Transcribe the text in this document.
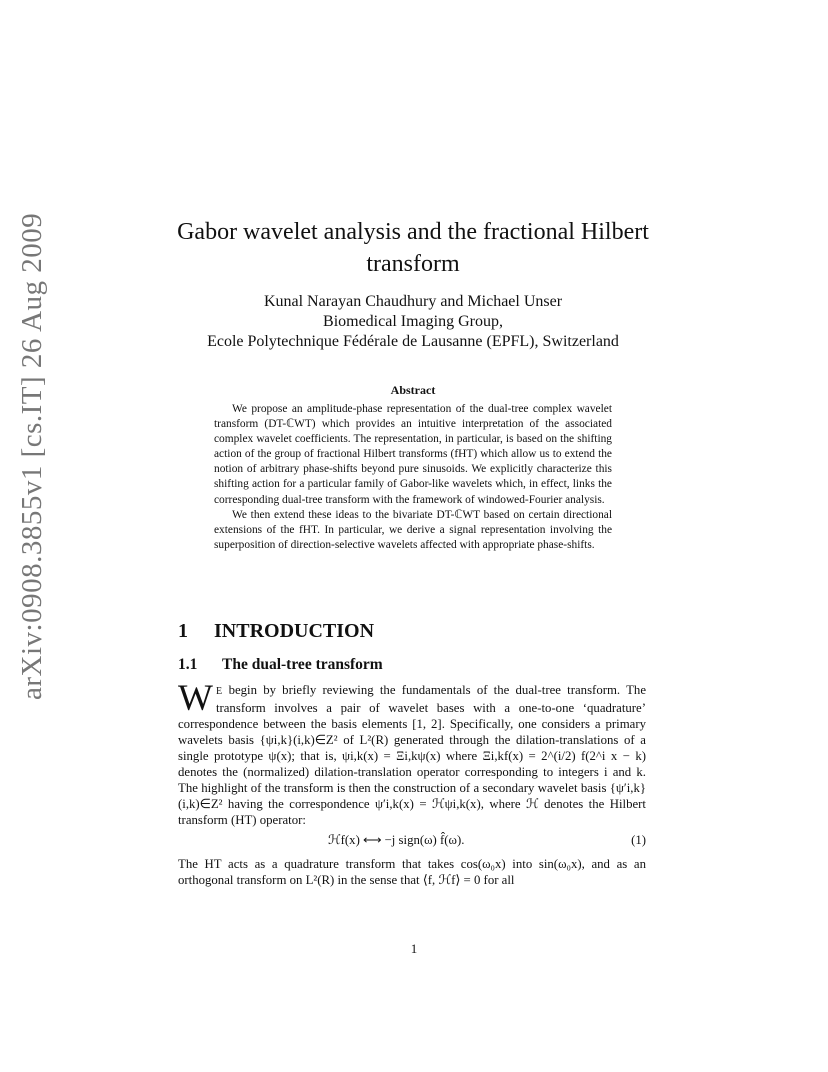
arXiv:0908.3855v1 [cs.IT] 26 Aug 2009	Gabor wavelet analysis and the fractional Hilbert
transform
Kunal Narayan Chaudhury and Michael Unser
Biomedical Imaging Group,
Ecole Polytechnique Fédérale de Lausanne (EPFL), Switzerland
Abstract

We propose an amplitude-phase representation of the dual-tree complex wavelet transform (DT-ℂWT) which provides an intuitive interpretation of the associated complex wavelet coefficients. The representation, in particular, is based on the shifting action of the group of fractional Hilbert transforms (fHT) which allow us to extend the notion of arbitrary phase-shifts beyond pure sinusoids. We explicitly characterize this shifting action for a particular family of Gabor-like wavelets which, in effect, links the corresponding dual-tree transform with the framework of windowed-Fourier analysis.

We then extend these ideas to the bivariate DT-ℂWT based on certain directional extensions of the fHT. In particular, we derive a signal representation involving the superposition of direction-selective wavelets affected with appropriate phase-shifts.

1 INTRODUCTION
1.1 The dual-tree transform
W E begin by briefly reviewing the fundamentals of the dual-tree transform. The transform involves a pair of wavelet bases with a one-to-one ‘quadrature’ correspondence between the basis elements [1, 2]. Specifically, one considers a primary wavelets basis {ψi,k}(i,k)∈Z² of L²(R) generated through the dilation-translations of a single prototype ψ(x); that is, ψi,k(x) = Ξi,kψ(x) where Ξi,kf(x) = 2^(i/2) f(2^i x − k) denotes the (normalized) dilation-translation operator corresponding to integers i and k. The highlight of the transform is then the construction of a secondary wavelet basis {ψ′i,k}(i,k)∈Z² having the correspondence ψ′i,k(x) = ℋψi,k(x), where ℋ denotes the Hilbert transform (HT) operator:
ℋf(x) ⟷ −j sign(ω) f̂(ω).	(1)
The HT acts as a quadrature transform that takes cos(ω₀x) into sin(ω₀x), and as an orthogonal transform on L²(R) in the sense that ⟨f, ℋf⟩ = 0 for all
1
